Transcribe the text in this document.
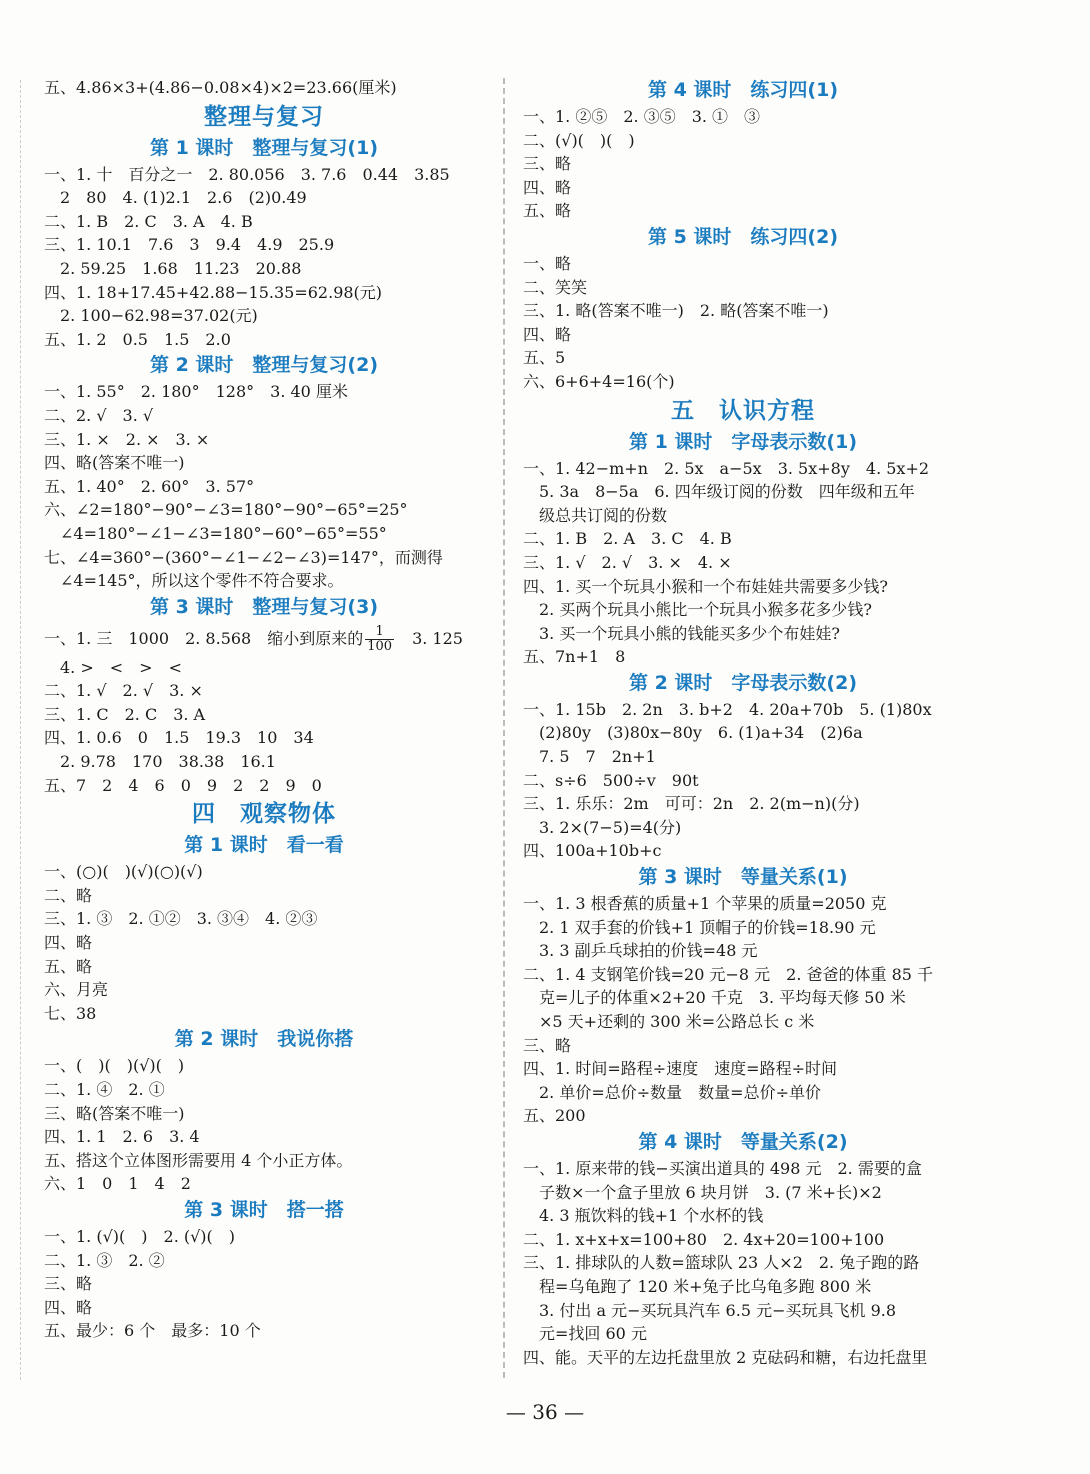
五、4.86×3+(4.86−0.08×4)×2=23.66(厘米)
整理与复习
第 1 课时　整理与复习(1)
一、1. 十　百分之一　2. 80.056　3. 7.6　0.44　3.85
　2　80　4. (1)2.1　2.6　(2)0.49
二、1. B　2. C　3. A　4. B
三、1. 10.1　7.6　3　9.4　4.9　25.9
　2. 59.25　1.68　11.23　20.88
四、1. 18+17.45+42.88−15.35=62.98(元)
　2. 100−62.98=37.02(元)
五、1. 2　0.5　1.5　2.0
第 2 课时　整理与复习(2)
一、1. 55°　2. 180°　128°　3. 40 厘米
二、2. √　3. √
三、1. ×　2. ×　3. ×
四、略(答案不唯一)
五、1. 40°　2. 60°　3. 57°
六、∠2=180°−90°−∠3=180°−90°−65°=25°
　∠4=180°−∠1−∠3=180°−60°−65°=55°
七、∠4=360°−(360°−∠1−∠2−∠3)=147°，而测得
　∠4=145°，所以这个零件不符合要求。
第 3 课时　整理与复习(3)
一、1. 三　1000　2. 8.568　缩小到原来的 $\frac{1}{100}$ 　3. 125
　4. >　<　>　<
二、1. √　2. √　3. ×
三、1. C　2. C　3. A
四、1. 0.6　0　1.5　19.3　10　34
　2. 9.78　170　38.38　16.1
五、7　2　4　6　0　9　2　2　9　0
四　观察物体
第 1 课时　看一看
一、(○)(　)(√)(○)(√)
二、略
三、1. ③　2. ①②　3. ③④　4. ②③
四、略
五、略
六、月亮
七、38
第 2 课时　我说你搭
一、(　)(　)(√)(　)
二、1. ④　2. ①
三、略(答案不唯一)
四、1. 1　2. 6　3. 4
五、搭这个立体图形需要用 4 个小正方体。
六、1　0　1　4　2
第 3 课时　搭一搭
一、1. (√)(　)　2. (√)(　)
二、1. ③　2. ②
三、略
四、略
五、最少：6 个　最多：10 个
第 4 课时　练习四(1)
一、1. ②⑤　2. ③⑤　3. ①　③
二、(√)(　)(　)
三、略
四、略
五、略
第 5 课时　练习四(2)
一、略
二、笑笑
三、1. 略(答案不唯一)　2. 略(答案不唯一)
四、略
五、5
六、6+6+4=16(个)
五　认识方程
第 1 课时　字母表示数(1)
一、1. 42−m+n　2. 5x　a−5x　3. 5x+8y　4. 5x+2
　5. 3a　8−5a　6. 四年级订阅的份数　四年级和五年
　级总共订阅的份数
二、1. B　2. A　3. C　4. B
三、1. √　2. √　3. ×　4. ×
四、1. 买一个玩具小猴和一个布娃娃共需要多少钱?
　2. 买两个玩具小熊比一个玩具小猴多花多少钱?
　3. 买一个玩具小熊的钱能买多少个布娃娃?
五、7n+1　8
第 2 课时　字母表示数(2)
一、1. 15b　2. 2n　3. b+2　4. 20a+70b　5. (1)80x
　(2)80y　(3)80x−80y　6. (1)a+34　(2)6a
　7. 5　7　2n+1
二、s÷6　500÷v　90t
三、1. 乐乐：2m　可可：2n　2. 2(m−n)(分)
　3. 2×(7−5)=4(分)
四、100a+10b+c
第 3 课时　等量关系(1)
一、1. 3 根香蕉的质量+1 个苹果的质量=2050 克
　2. 1 双手套的价钱+1 顶帽子的价钱=18.90 元
　3. 3 副乒乓球拍的价钱=48 元
二、1. 4 支钢笔价钱=20 元−8 元　2. 爸爸的体重 85 千
　克=儿子的体重×2+20 千克　3. 平均每天修 50 米
　×5 天+还剩的 300 米=公路总长 c 米
三、略
四、1. 时间=路程÷速度　速度=路程÷时间
　2. 单价=总价÷数量　数量=总价÷单价
五、200
第 4 课时　等量关系(2)
一、1. 原来带的钱−买演出道具的 498 元　2. 需要的盒
　子数×一个盒子里放 6 块月饼　3. (7 米+长)×2
　4. 3 瓶饮料的钱+1 个水杯的钱
二、1. x+x+x=100+80　2. 4x+20=100+100
三、1. 排球队的人数=篮球队 23 人×2　2. 兔子跑的路
　程=乌龟跑了 120 米+兔子比乌龟多跑 800 米
　3. 付出 a 元−买玩具汽车 6.5 元−买玩具飞机 9.8
　元=找回 60 元
四、能。天平的左边托盘里放 2 克砝码和糖，右边托盘里
— 36 —
